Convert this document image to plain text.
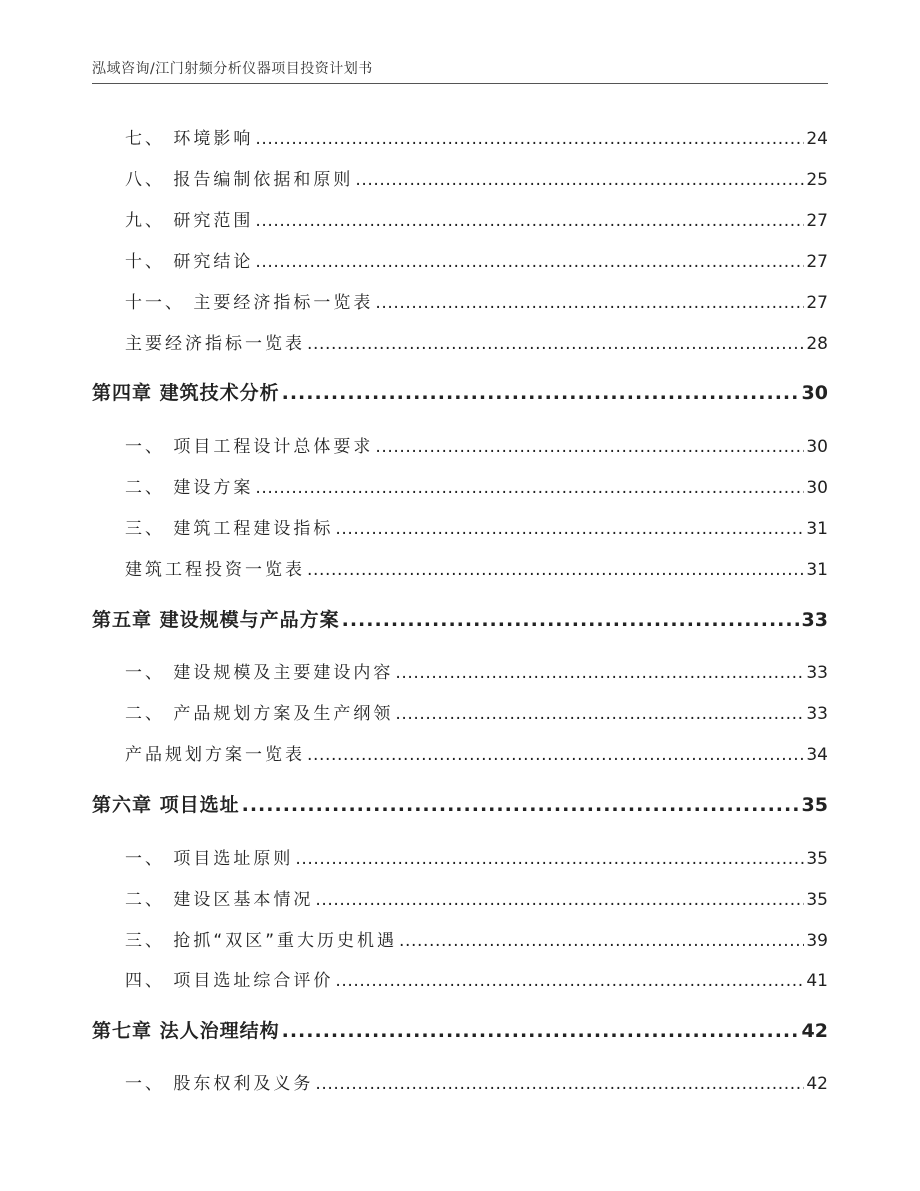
泓域咨询/江门射频分析仪器项目投资计划书
七、 环境影响 .....	24
八、 报告编制依据和原则 .....	25
九、 研究范围 .....	27
十、 研究结论 .....	27
十一、 主要经济指标一览表 .....	27
主要经济指标一览表 .....	28
第四章 建筑技术分析 .....	30
一、 项目工程设计总体要求 .....	30
二、 建设方案 .....	30
三、 建筑工程建设指标 .....	31
建筑工程投资一览表 .....	31
第五章 建设规模与产品方案 .....	33
一、 建设规模及主要建设内容 .....	33
二、 产品规划方案及生产纲领 .....	33
产品规划方案一览表 .....	34
第六章 项目选址 .....	35
一、 项目选址原则 .....	35
二、 建设区基本情况 .....	35
三、 抢抓“双区”重大历史机遇 .....	39
四、 项目选址综合评价 .....	41
第七章 法人治理结构 .....	42
一、 股东权利及义务 .....	42
